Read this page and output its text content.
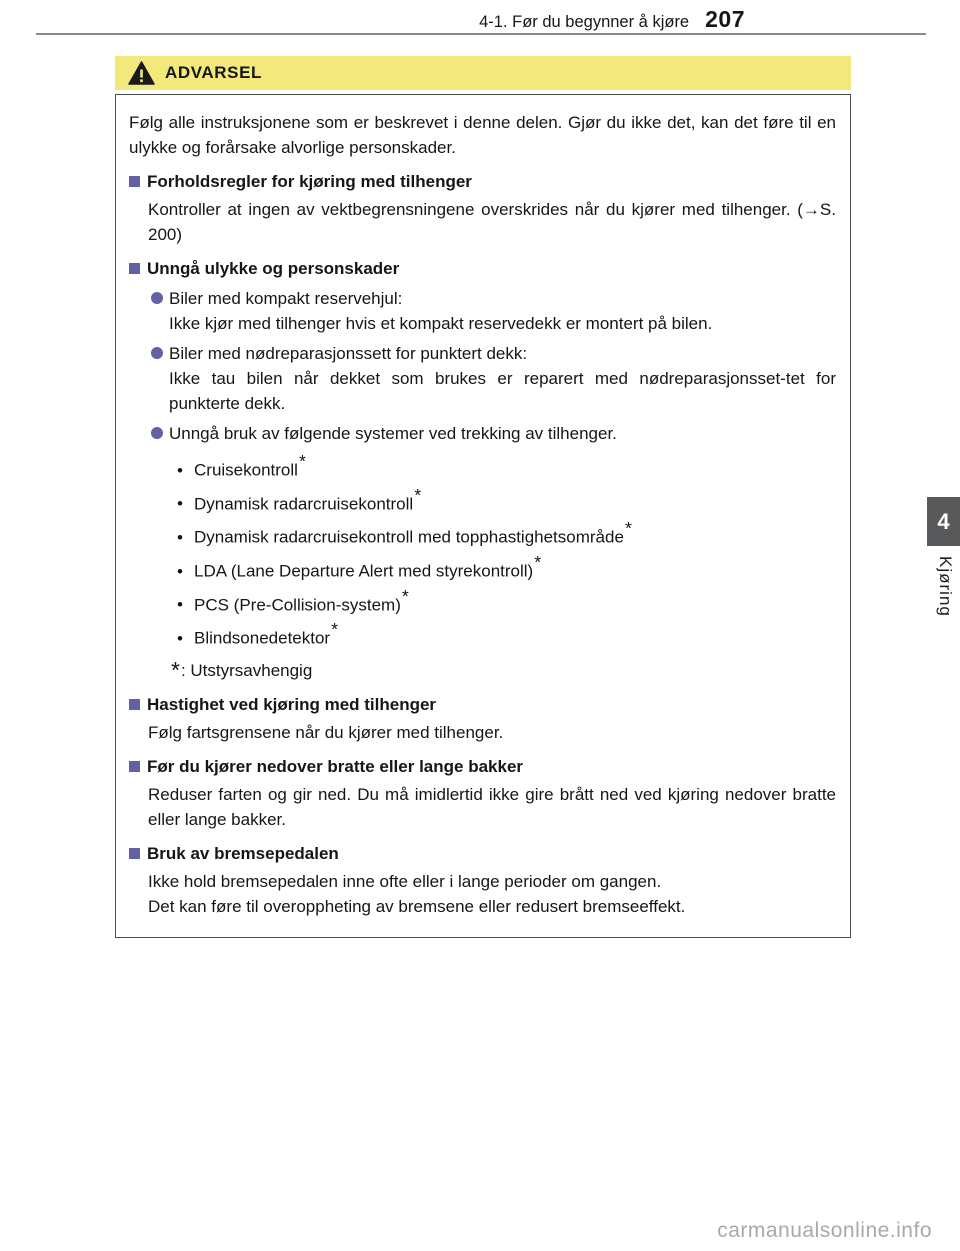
4-1. Før du begynner å kjøre 207
ADVARSEL

Følg alle instruksjonene som er beskrevet i denne delen. Gjør du ikke det, kan det føre til en ulykke og forårsake alvorlige personskader.

Forholdsregler for kjøring med tilhenger

Kontroller at ingen av vektbegrensningene overskrides når du kjører med tilhenger. (→S. 200)

Unngå ulykke og personskader
Biler med kompakt reservehjul:
Ikke kjør med tilhenger hvis et kompakt reservedekk er montert på bilen.
Biler med nødreparasjonssett for punktert dekk:
Ikke tau bilen når dekket som brukes er reparert med nødreparasjonsset-tet for punkterte dekk.
Unngå bruk av følgende systemer ved trekking av tilhenger.
• Cruisekontroll*
• Dynamisk radarcruisekontroll*
• Dynamisk radarcruisekontroll med topphastighetsområde*
• LDA (Lane Departure Alert med styrekontroll)*
• PCS (Pre-Collision-system)*
• Blindsonedetektor*
*: Utstyrsavhengig
Hastighet ved kjøring med tilhenger

Følg fartsgrensene når du kjører med tilhenger.

Før du kjører nedover bratte eller lange bakker

Reduser farten og gir ned. Du må imidlertid ikke gire brått ned ved kjøring nedover bratte eller lange bakker.

Bruk av bremsepedalen

Ikke hold bremsepedalen inne ofte eller i lange perioder om gangen.

Det kan føre til overoppheting av bremsene eller redusert bremseeffekt.

4
Kjøring
carmanualsonline.info
